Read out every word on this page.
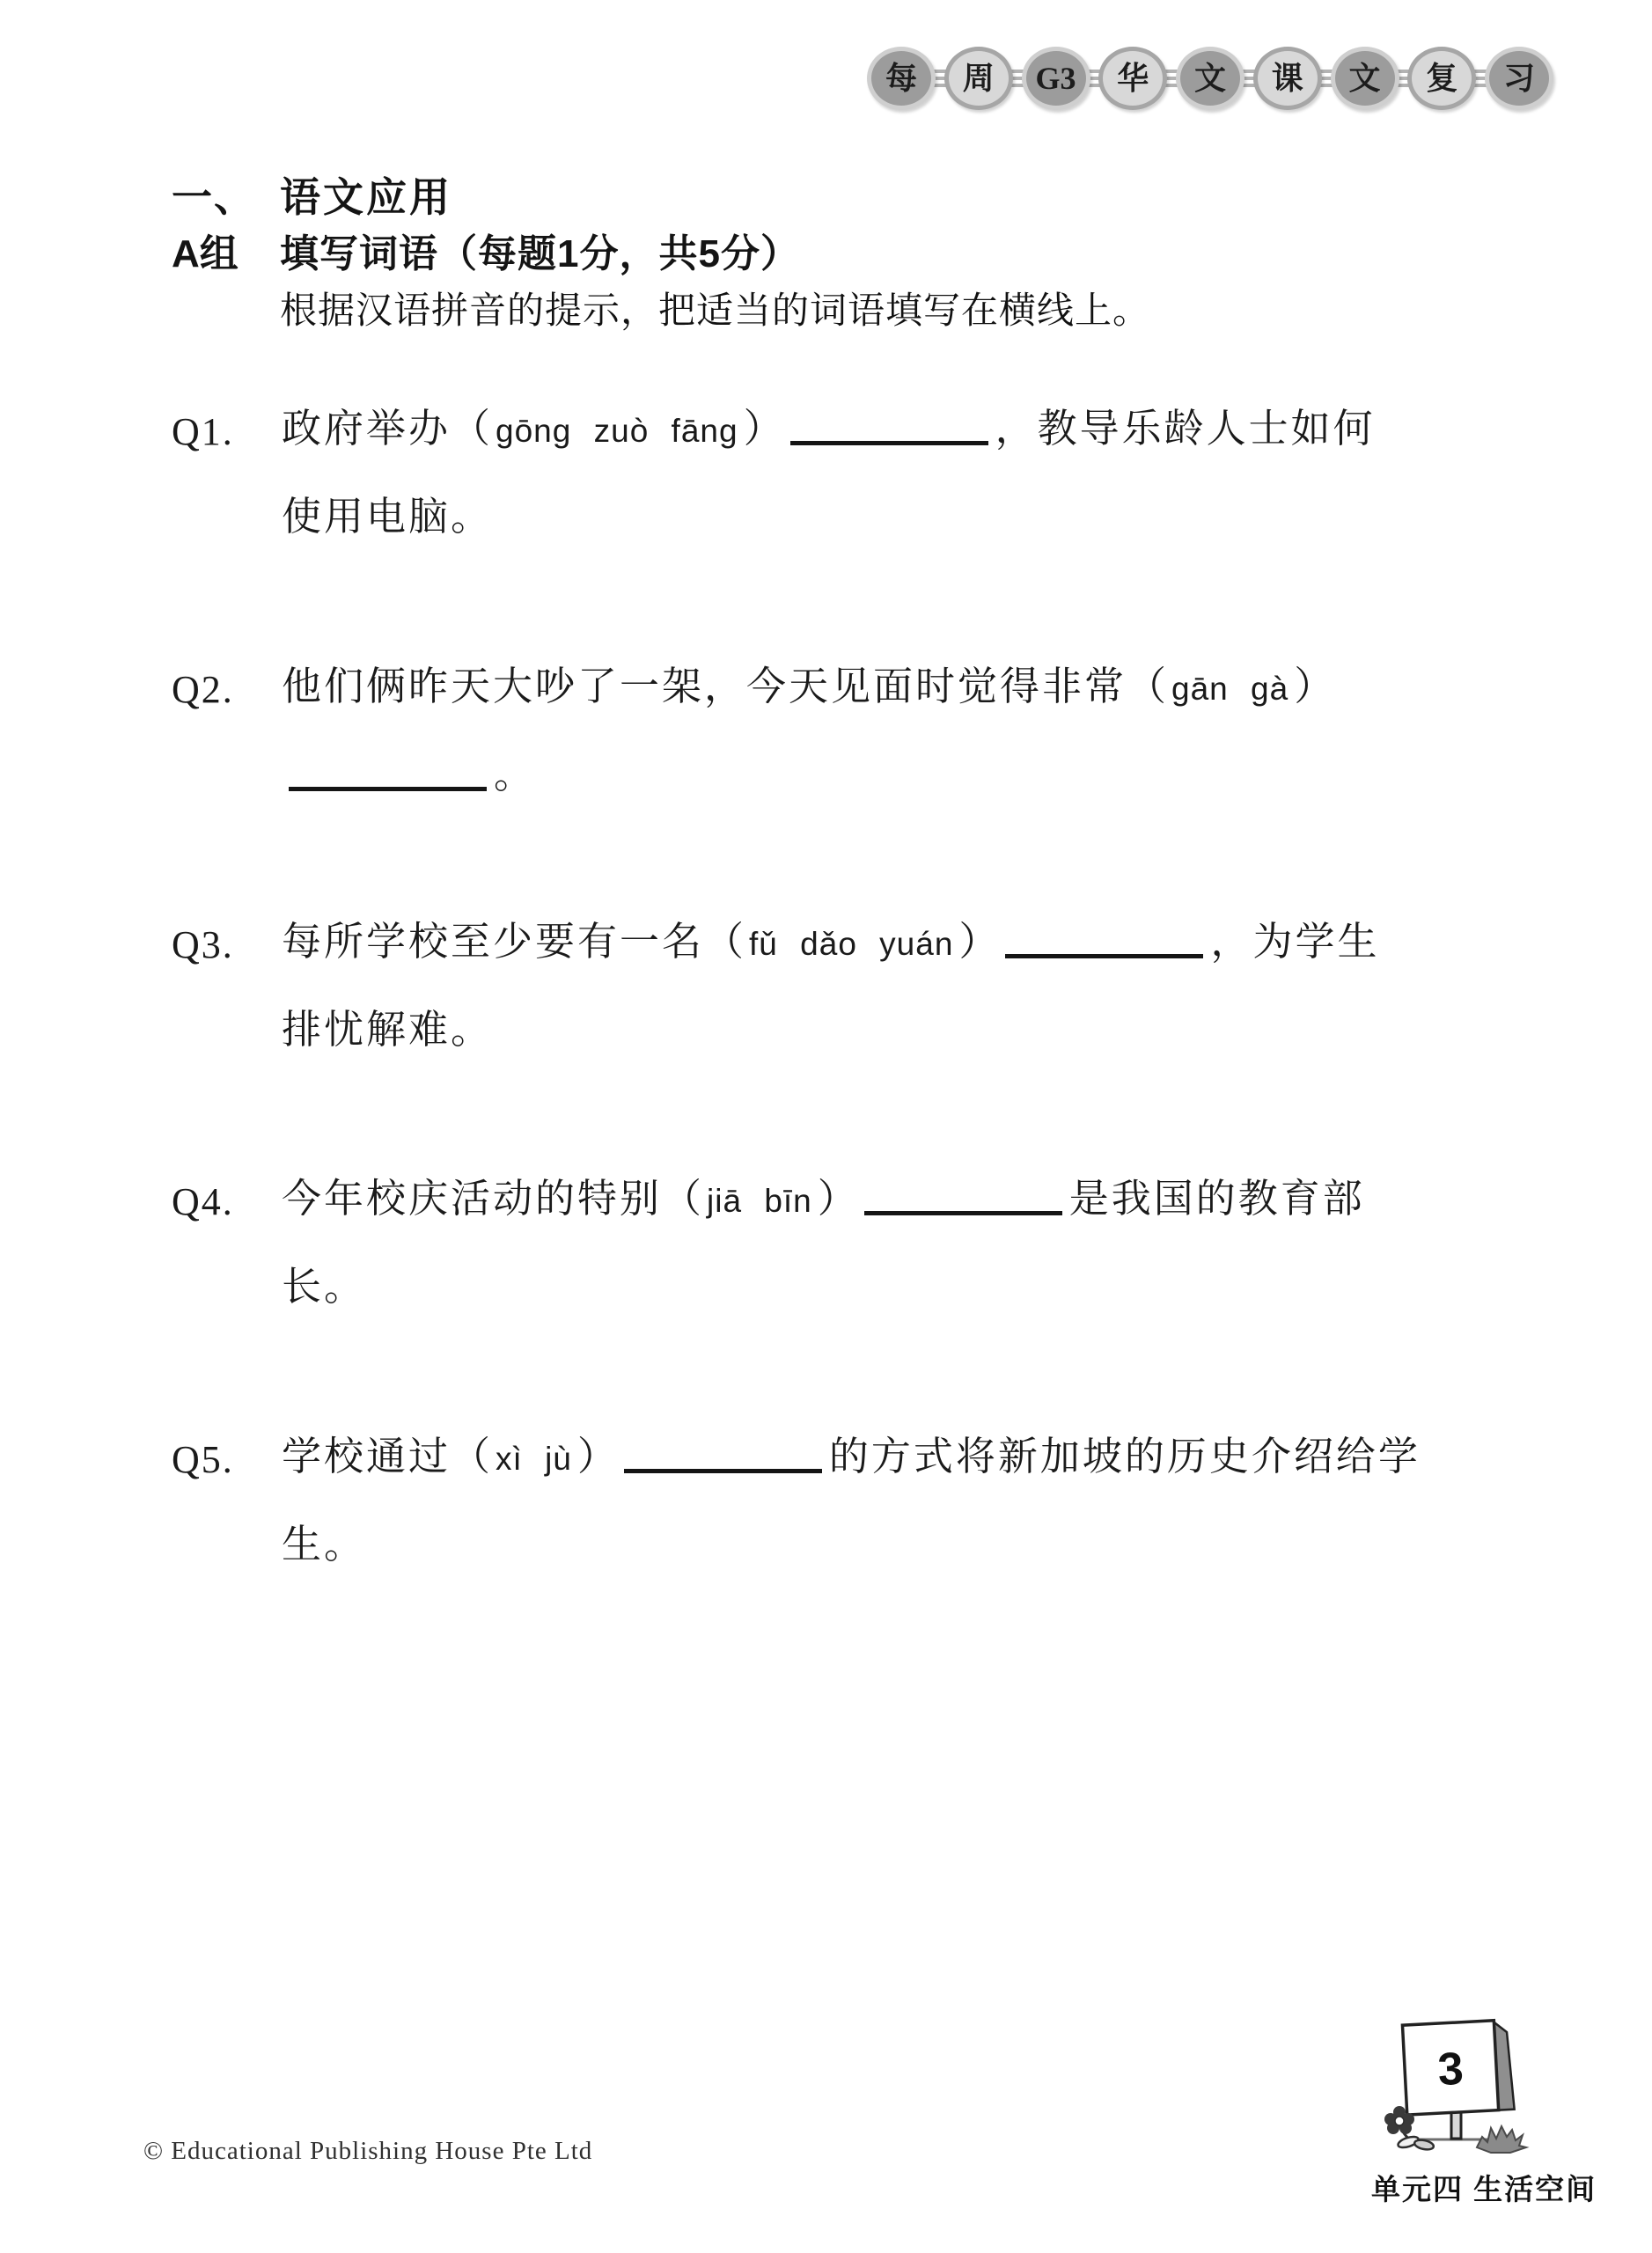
每 周 G3 华 文 课 文 复 习
一、 语文应用
A组	填写词语（每题1分，共5分）
根据汉语拼音的提示，把适当的词语填写在横线上。
Q1. 政府举办（ gōng zuò fāng ）	，教导乐龄人士如何
使用电脑。
Q2. 他们俩昨天大吵了一架，今天见面时觉得非常（ gān gà ）
。
Q3. 每所学校至少要有一名（ fǔ dǎo yuán ）	，为学生
排忧解难。
Q4. 今年校庆活动的特别（ jiā bīn ）	是我国的教育部
长。
Q5. 学校通过（ xì jù ）	的方式将新加坡的历史介绍给学
生。
© Educational Publishing House Pte Ltd
3
单元四 生活空间
